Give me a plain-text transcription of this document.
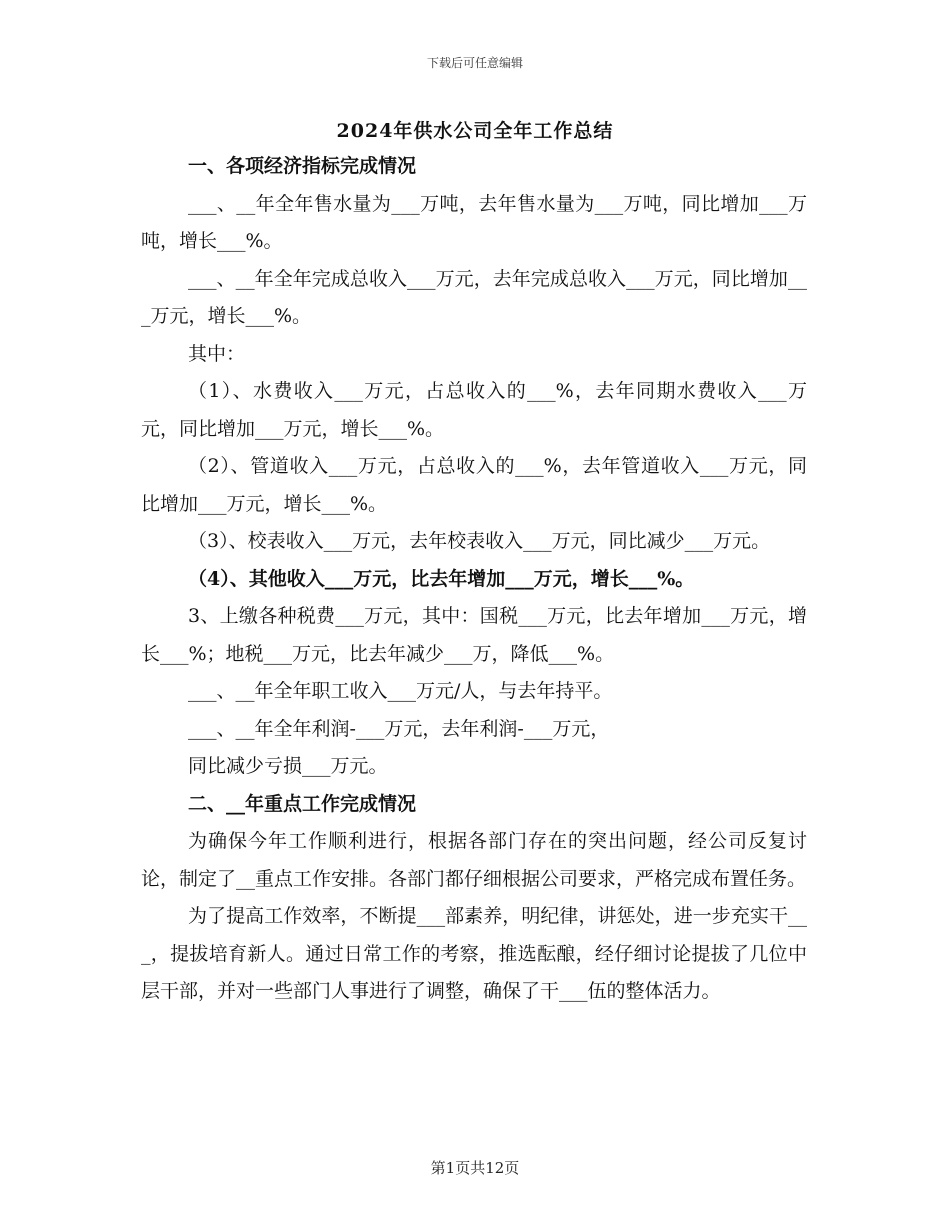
下载后可任意编辑
2024年供水公司全年工作总结

一、各项经济指标完成情况

___、__年全年售水量为___万吨，去年售水量为___万吨，同比增加___万吨，增长___%。

___、__年全年完成总收入___万元，去年完成总收入___万元，同比增加___万元，增长___%。

其中：

（1）、水费收入___万元，占总收入的___%，去年同期水费收入___万元，同比增加___万元，增长___%。

（2）、管道收入___万元，占总收入的___%，去年管道收入___万元，同比增加___万元，增长___%。

（3）、校表收入___万元，去年校表收入___万元，同比减少___万元。

（4）、其他收入___万元，比去年增加___万元，增长___%。

3、上缴各种税费___万元，其中：国税___万元，比去年增加___万元，增长___%；地税___万元，比去年减少___万，降低___%。

___、__年全年职工收入___万元/人，与去年持平。

___、__年全年利润-___万元，去年利润-___万元，

同比减少亏损___万元。

二、__年重点工作完成情况

为确保今年工作顺利进行，根据各部门存在的突出问题，经公司反复讨论，制定了__重点工作安排。各部门都仔细根据公司要求，严格完成布置任务。

为了提高工作效率，不断提___部素养，明纪律，讲惩处，进一步充实干___，提拔培育新人。通过日常工作的考察，推选酝酿，经仔细讨论提拔了几位中层干部，并对一些部门人事进行了调整，确保了干___伍的整体活力。

第1页共12页
